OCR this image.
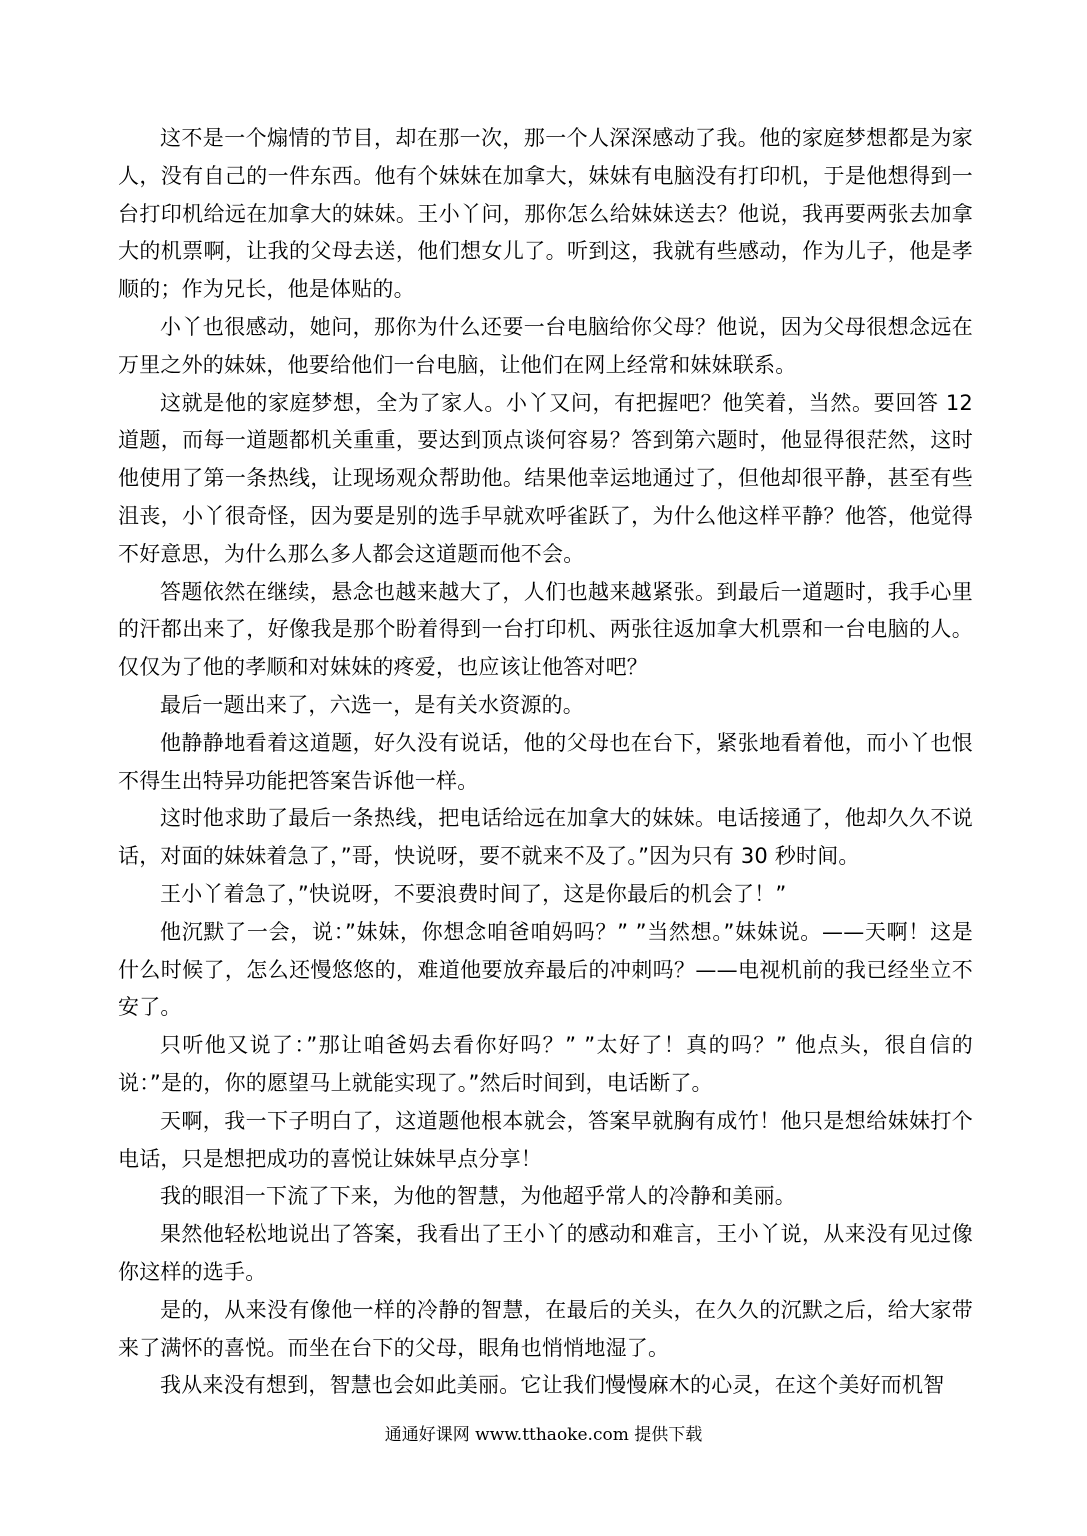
这不是一个煽情的节目，却在那一次，那一个人深深感动了我。他的家庭梦想都是为家人，没有自己的一件东西。他有个妹妹在加拿大，妹妹有电脑没有打印机，于是他想得到一台打印机给远在加拿大的妹妹。王小丫问，那你怎么给妹妹送去？他说，我再要两张去加拿大的机票啊，让我的父母去送，他们想女儿了。听到这，我就有些感动，作为儿子，他是孝顺的；作为兄长，他是体贴的。

小丫也很感动，她问，那你为什么还要一台电脑给你父母？他说，因为父母很想念远在万里之外的妹妹，他要给他们一台电脑，让他们在网上经常和妹妹联系。

这就是他的家庭梦想，全为了家人。小丫又问，有把握吧？他笑着，当然。要回答 12 道题，而每一道题都机关重重，要达到顶点谈何容易？答到第六题时，他显得很茫然，这时他使用了第一条热线，让现场观众帮助他。结果他幸运地通过了，但他却很平静，甚至有些沮丧，小丫很奇怪，因为要是别的选手早就欢呼雀跃了，为什么他这样平静？他答，他觉得不好意思，为什么那么多人都会这道题而他不会。

答题依然在继续，悬念也越来越大了，人们也越来越紧张。到最后一道题时，我手心里的汗都出来了，好像我是那个盼着得到一台打印机、两张往返加拿大机票和一台电脑的人。仅仅为了他的孝顺和对妹妹的疼爱，也应该让他答对吧？

最后一题出来了，六选一，是有关水资源的。

他静静地看着这道题，好久没有说话，他的父母也在台下，紧张地看着他，而小丫也恨不得生出特异功能把答案告诉他一样。

这时他求助了最后一条热线，把电话给远在加拿大的妹妹。电话接通了，他却久久不说话，对面的妹妹着急了，”哥，快说呀，要不就来不及了。”因为只有 30 秒时间。

王小丫着急了，”快说呀，不要浪费时间了，这是你最后的机会了！”

他沉默了一会，说：”妹妹，你想念咱爸咱妈吗？” ”当然想。”妹妹说。——天啊！这是什么时候了，怎么还慢悠悠的，难道他要放弃最后的冲刺吗？——电视机前的我已经坐立不安了。

只听他又说了：”那让咱爸妈去看你好吗？” ”太好了！真的吗？” 他点头，很自信的说：”是的，你的愿望马上就能实现了。”然后时间到，电话断了。

天啊，我一下子明白了，这道题他根本就会，答案早就胸有成竹！他只是想给妹妹打个电话，只是想把成功的喜悦让妹妹早点分享！

我的眼泪一下流了下来，为他的智慧，为他超乎常人的冷静和美丽。

果然他轻松地说出了答案，我看出了王小丫的感动和难言，王小丫说，从来没有见过像你这样的选手。

是的，从来没有像他一样的冷静的智慧，在最后的关头，在久久的沉默之后，给大家带来了满怀的喜悦。而坐在台下的父母，眼角也悄悄地湿了。

我从来没有想到，智慧也会如此美丽。它让我们慢慢麻木的心灵，在这个美好而机智

通通好课网 www.tthaoke.com 提供下载
